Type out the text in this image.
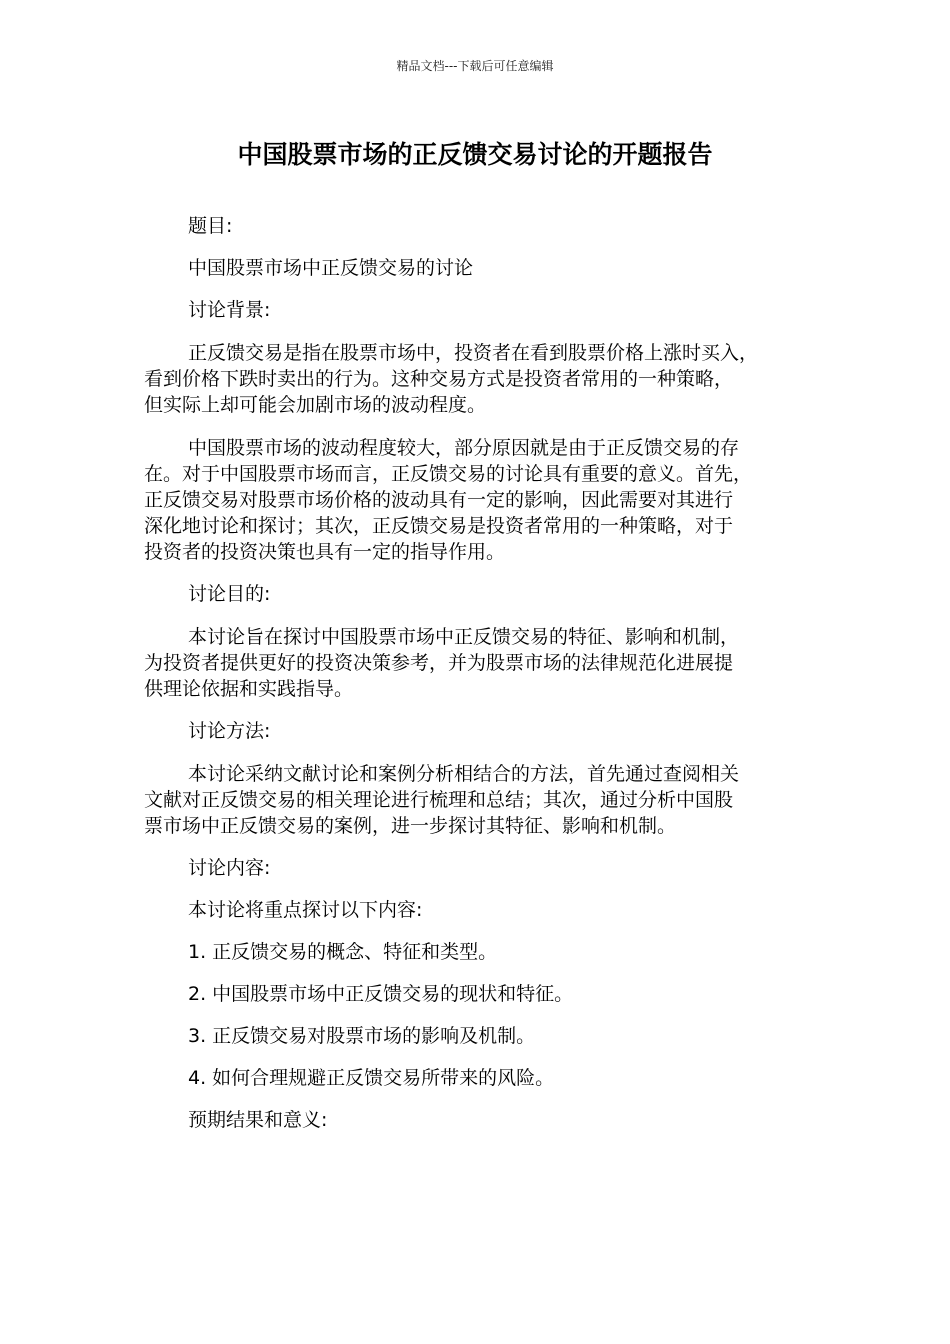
精品文档---下载后可任意编辑
中国股票市场的正反馈交易讨论的开题报告

题目:

中国股票市场中正反馈交易的讨论

讨论背景:

正反馈交易是指在股票市场中，投资者在看到股票价格上涨时买入，
看到价格下跌时卖出的行为。这种交易方式是投资者常用的一种策略，
但实际上却可能会加剧市场的波动程度。

中国股票市场的波动程度较大，部分原因就是由于正反馈交易的存
在。对于中国股票市场而言，正反馈交易的讨论具有重要的意义。首先，
正反馈交易对股票市场价格的波动具有一定的影响，因此需要对其进行
深化地讨论和探讨；其次，正反馈交易是投资者常用的一种策略，对于
投资者的投资决策也具有一定的指导作用。

讨论目的:

本讨论旨在探讨中国股票市场中正反馈交易的特征、影响和机制，
为投资者提供更好的投资决策参考，并为股票市场的法律规范化进展提
供理论依据和实践指导。

讨论方法:

本讨论采纳文献讨论和案例分析相结合的方法，首先通过查阅相关
文献对正反馈交易的相关理论进行梳理和总结；其次，通过分析中国股
票市场中正反馈交易的案例，进一步探讨其特征、影响和机制。

讨论内容:

本讨论将重点探讨以下内容:

1. 正反馈交易的概念、特征和类型。

2. 中国股票市场中正反馈交易的现状和特征。

3. 正反馈交易对股票市场的影响及机制。

4. 如何合理规避正反馈交易所带来的风险。

预期结果和意义:
